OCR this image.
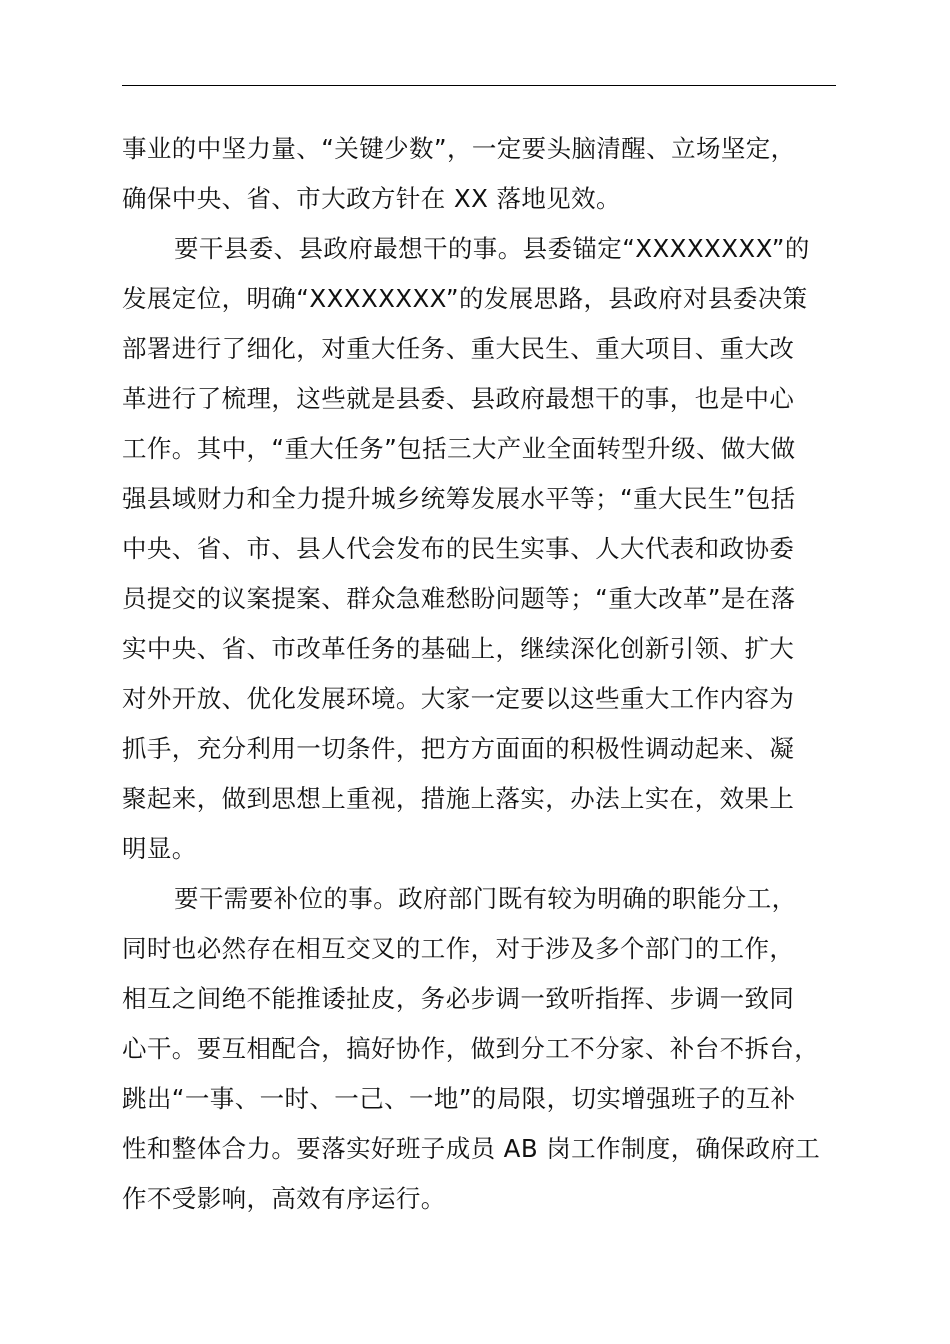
事业的中坚力量、“关键少数”，一定要头脑清醒、立场坚定，
确保中央、省、市大政方针在 XX 落地见效。
要干县委、县政府最想干的事。县委锚定“XXXXXXXX”的
发展定位，明确“XXXXXXXX”的发展思路，县政府对县委决策
部署进行了细化，对重大任务、重大民生、重大项目、重大改
革进行了梳理，这些就是县委、县政府最想干的事，也是中心
工作。其中，“重大任务”包括三大产业全面转型升级、做大做
强县域财力和全力提升城乡统筹发展水平等；“重大民生”包括
中央、省、市、县人代会发布的民生实事、人大代表和政协委
员提交的议案提案、群众急难愁盼问题等；“重大改革”是在落
实中央、省、市改革任务的基础上，继续深化创新引领、扩大
对外开放、优化发展环境。大家一定要以这些重大工作内容为
抓手，充分利用一切条件，把方方面面的积极性调动起来、凝
聚起来，做到思想上重视，措施上落实，办法上实在，效果上
明显。
要干需要补位的事。政府部门既有较为明确的职能分工，
同时也必然存在相互交叉的工作，对于涉及多个部门的工作，
相互之间绝不能推诿扯皮，务必步调一致听指挥、步调一致同
心干。要互相配合，搞好协作，做到分工不分家、补台不拆台，
跳出“一事、一时、一己、一地”的局限，切实增强班子的互补
性和整体合力。要落实好班子成员 AB 岗工作制度，确保政府工
作不受影响，高效有序运行。
